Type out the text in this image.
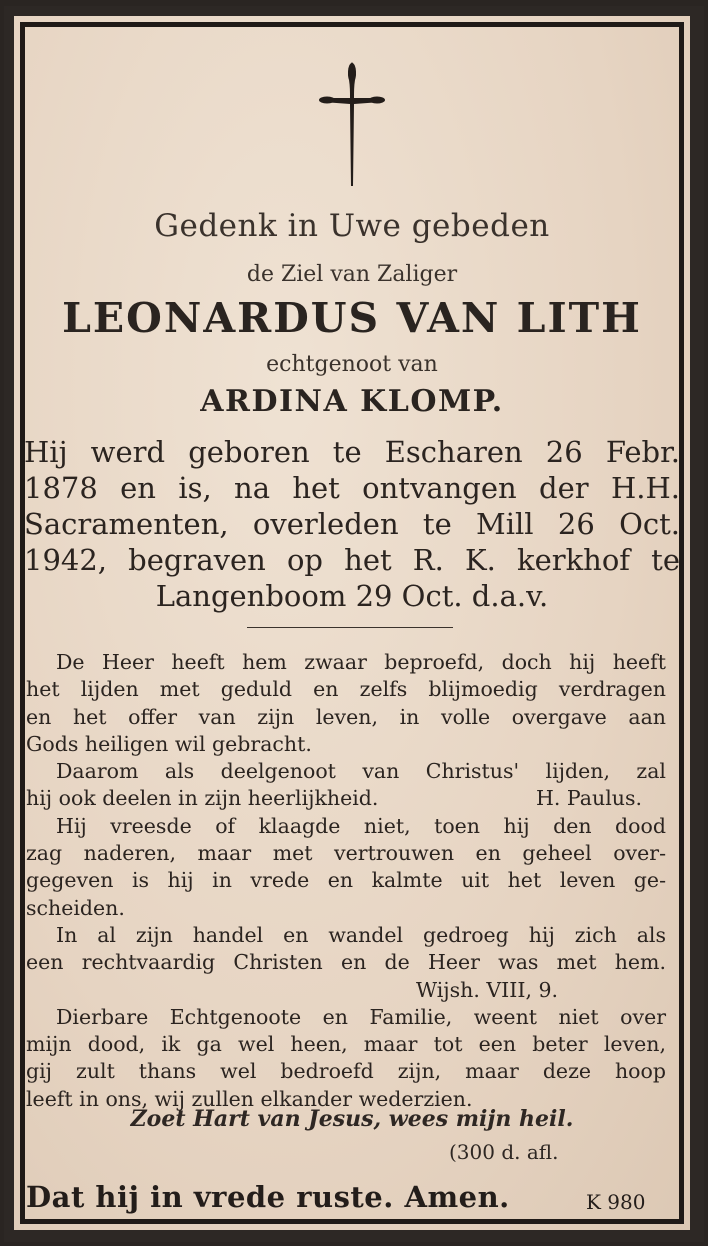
Gedenk in Uwe gebeden
de Ziel van Zaliger
LEONARDUS VAN LITH
echtgenoot van
ARDINA KLOMP.
Hij werd geboren te Escharen 26 Febr.
1878 en is, na het ontvangen der H.H.
Sacramenten, overleden te Mill 26 Oct.
1942, begraven op het R. K. kerkhof te
Langenboom 29 Oct. d.a.v.
De Heer heeft hem zwaar beproefd, doch hij heeft
het lijden met geduld en zelfs blijmoedig verdragen
en het offer van zijn leven, in volle overgave aan
Gods heiligen wil gebracht.
Daarom als deelgenoot van Christus' lijden, zal
hij ook deelen in zijn heerlijkheid.	H. Paulus.
Hij vreesde of klaagde niet, toen hij den dood
zag naderen, maar met vertrouwen en geheel over-
gegeven is hij in vrede en kalmte uit het leven ge-
scheiden.
In al zijn handel en wandel gedroeg hij zich als
een rechtvaardig Christen en de Heer was met hem.
Wijsh. VIII, 9.
Dierbare Echtgenoote en Familie, weent niet over
mijn dood, ik ga wel heen, maar tot een beter leven,
gij zult thans wel bedroefd zijn, maar deze hoop
leeft in ons, wij zullen elkander wederzien.
Zoet Hart van Jesus, wees mijn heil.
(300 d. afl.
Dat hij in vrede ruste. Amen.	K 980
